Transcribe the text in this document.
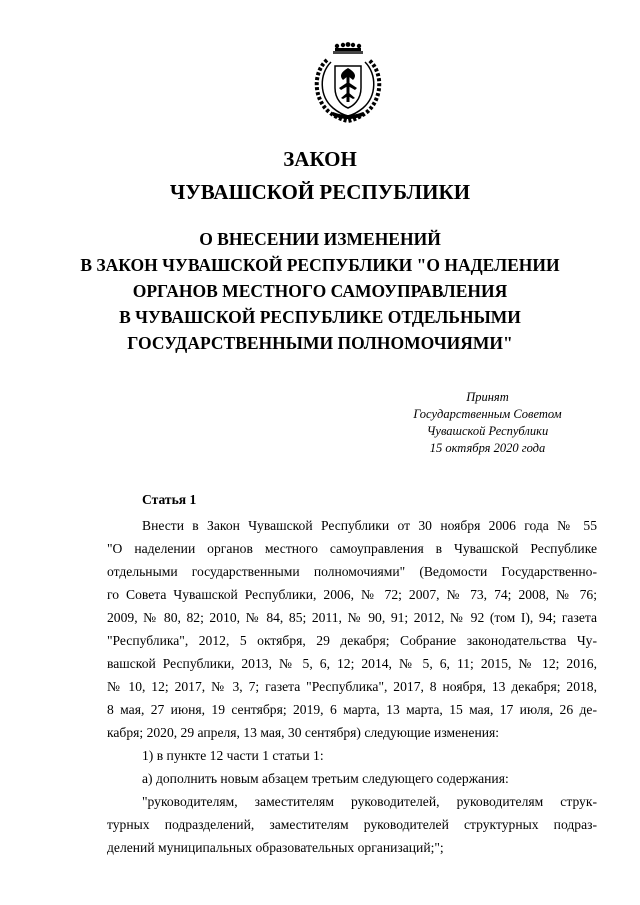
ЗАКОН
ЧУВАШСКОЙ РЕСПУБЛИКИ
О ВНЕСЕНИИ ИЗМЕНЕНИЙ
В ЗАКОН ЧУВАШСКОЙ РЕСПУБЛИКИ "О НАДЕЛЕНИИ
ОРГАНОВ МЕСТНОГО САМОУПРАВЛЕНИЯ
В ЧУВАШСКОЙ РЕСПУБЛИКЕ ОТДЕЛЬНЫМИ
ГОСУДАРСТВЕННЫМИ ПОЛНОМОЧИЯМИ"
Принят
Государственным Советом
Чувашской Республики
15 октября 2020 года
Статья 1
Внести в Закон Чувашской Республики от 30 ноября 2006 года № 55
"О наделении органов местного самоуправления в Чувашской Республике
отдельными государственными полномочиями" (Ведомости Государственно-
го Совета Чувашской Республики, 2006, № 72; 2007, № 73, 74; 2008, № 76;
2009, № 80, 82; 2010, № 84, 85; 2011, № 90, 91; 2012, № 92 (том I), 94; газета
"Республика", 2012, 5 октября, 29 декабря; Собрание законодательства Чу-
вашской Республики, 2013, № 5, 6, 12; 2014, № 5, 6, 11; 2015, № 12; 2016,
№ 10, 12; 2017, № 3, 7; газета "Республика", 2017, 8 ноября, 13 декабря; 2018,
8 мая, 27 июня, 19 сентября; 2019, 6 марта, 13 марта, 15 мая, 17 июля, 26 де-
кабря; 2020, 29 апреля, 13 мая, 30 сентября) следующие изменения:
1) в пункте 12 части 1 статьи 1:
а) дополнить новым абзацем третьим следующего содержания:
"руководителям, заместителям руководителей, руководителям струк-
турных подразделений, заместителям руководителей структурных подраз-
делений муниципальных образовательных организаций;";
